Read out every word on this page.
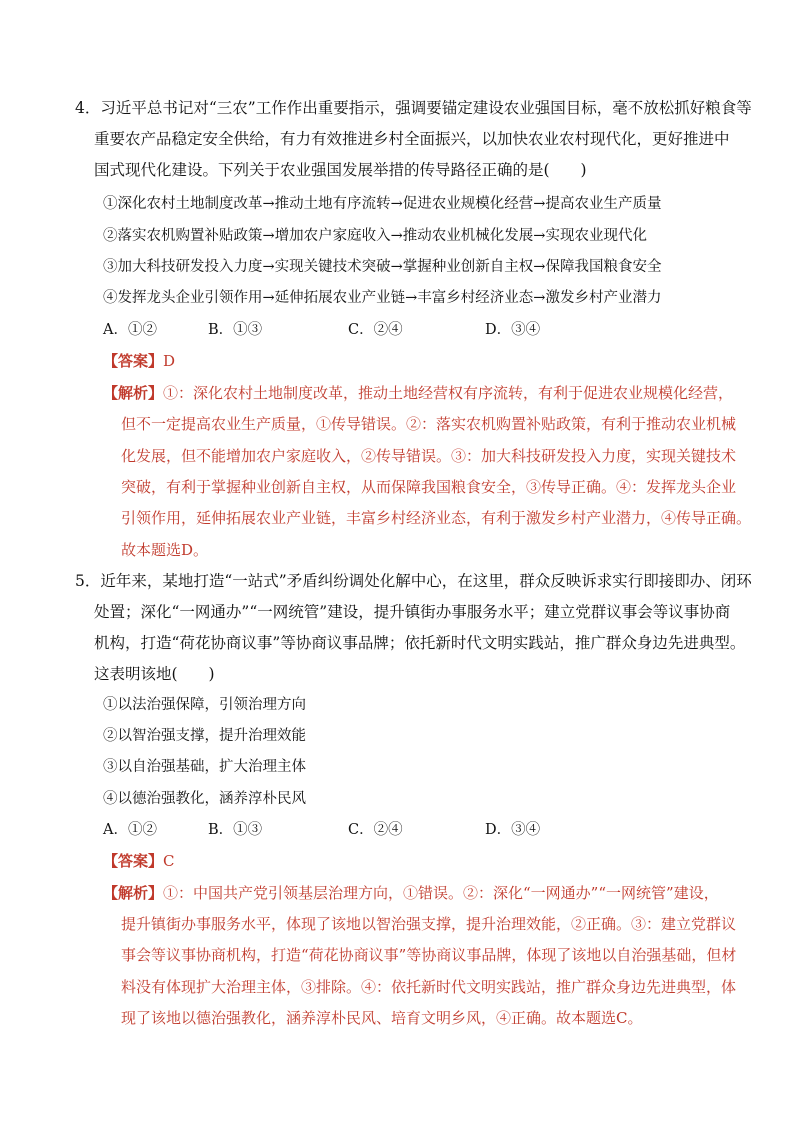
4．习近平总书记对“三农”工作作出重要指示，强调要锚定建设农业强国目标，毫不放松抓好粮食等
重要农产品稳定安全供给，有力有效推进乡村全面振兴，以加快农业农村现代化，更好推进中
国式现代化建设。下列关于农业强国发展举措的传导路径正确的是(　　)
①深化农村土地制度改革→推动土地有序流转→促进农业规模化经营→提高农业生产质量
②落实农机购置补贴政策→增加农户家庭收入→推动农业机械化发展→实现农业现代化
③加大科技研发投入力度→实现关键技术突破→掌握种业创新自主权→保障我国粮食安全
④发挥龙头企业引领作用→延伸拓展农业产业链→丰富乡村经济业态→激发乡村产业潜力
A．①②	B．①③	C．②④	D．③④
【答案】D
【解析】①：深化农村土地制度改革，推动土地经营权有序流转，有利于促进农业规模化经营，
但不一定提高农业生产质量，①传导错误。②：落实农机购置补贴政策，有利于推动农业机械
化发展，但不能增加农户家庭收入，②传导错误。③：加大科技研发投入力度，实现关键技术
突破，有利于掌握种业创新自主权，从而保障我国粮食安全，③传导正确。④：发挥龙头企业
引领作用，延伸拓展农业产业链，丰富乡村经济业态，有利于激发乡村产业潜力，④传导正确。
故本题选D。
5．近年来，某地打造“一站式”矛盾纠纷调处化解中心，在这里，群众反映诉求实行即接即办、闭环
处置；深化“一网通办”“一网统管”建设，提升镇街办事服务水平；建立党群议事会等议事协商
机构，打造“荷花协商议事”等协商议事品牌；依托新时代文明实践站，推广群众身边先进典型。
这表明该地(　　)
①以法治强保障，引领治理方向
②以智治强支撑，提升治理效能
③以自治强基础，扩大治理主体
④以德治强教化，涵养淳朴民风
A．①②	B．①③	C．②④	D．③④
【答案】C
【解析】①：中国共产党引领基层治理方向，①错误。②：深化“一网通办”“一网统管”建设，
提升镇街办事服务水平，体现了该地以智治强支撑，提升治理效能，②正确。③：建立党群议
事会等议事协商机构，打造“荷花协商议事”等协商议事品牌，体现了该地以自治强基础，但材
料没有体现扩大治理主体，③排除。④：依托新时代文明实践站，推广群众身边先进典型，体
现了该地以德治强教化，涵养淳朴民风、培育文明乡风，④正确。故本题选C。
